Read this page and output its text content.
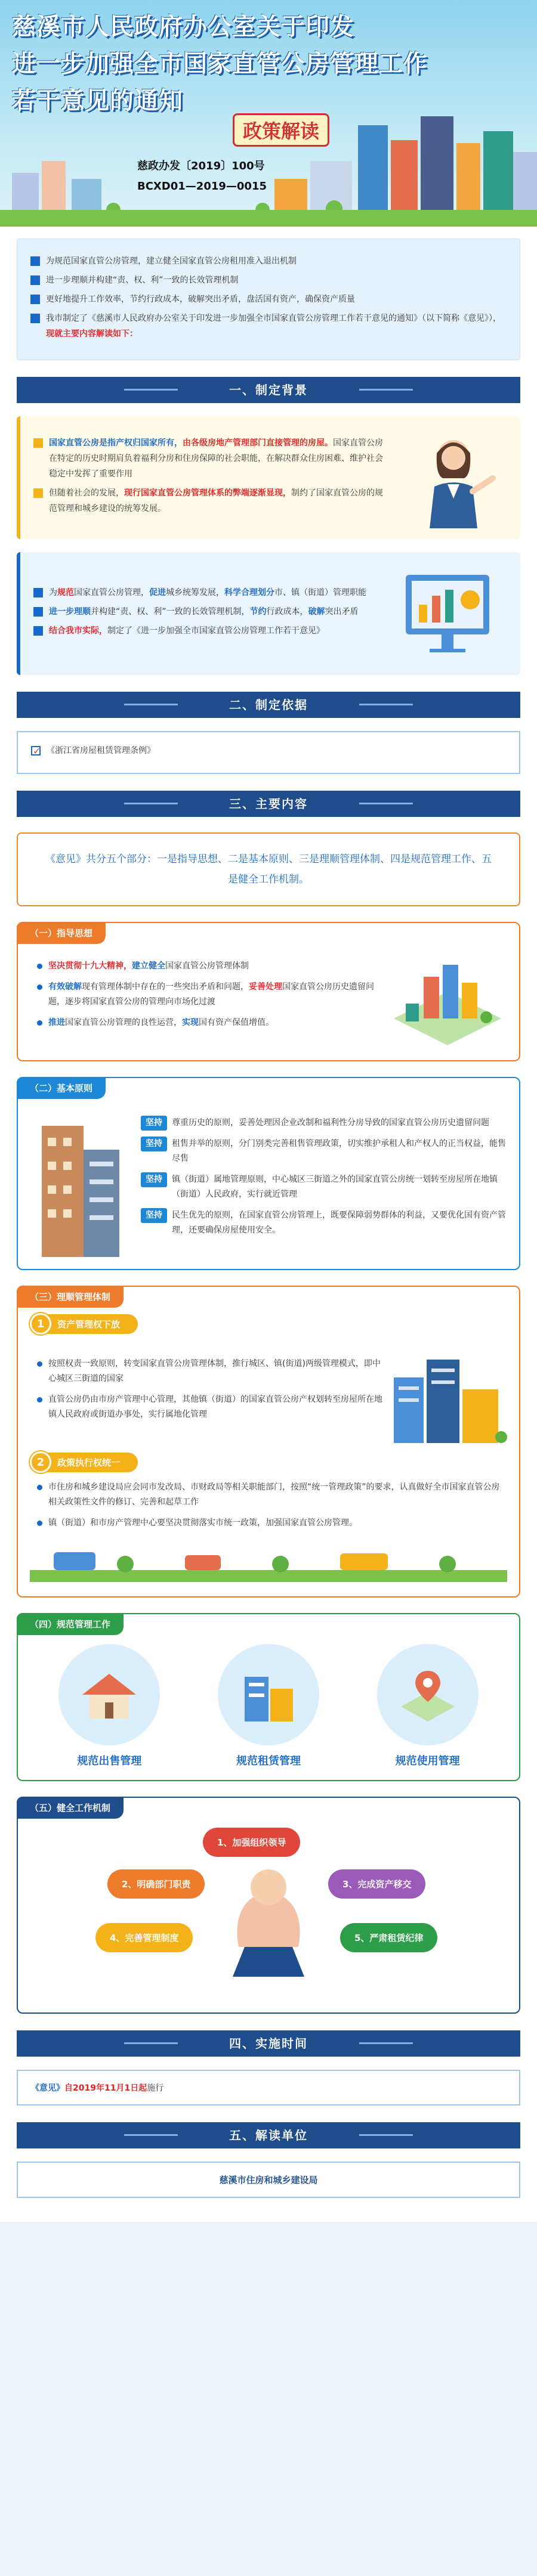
慈溪市人民政府办公室关于印发
进一步加强全市国家直管公房管理工作
若干意见的通知
政策解读
慈政办发〔2019〕100号
BCXD01—2019—0015
为规范国家直管公房管理，建立健全国家直管公房租用准入退出机制
进一步理顺并构建“责、权、利”一致的长效管理机制
更好地提升工作效率，节约行政成本，破解突出矛盾，盘活国有资产，确保资产质量
我市制定了《慈溪市人民政府办公室关于印发进一步加强全市国家直管公房管理工作若干意见的通知》（以下简称《意见》），现就主要内容解读如下：
一、制定背景
国家直管公房是指产权归国家所有，由各级房地产管理部门直接管理的房屋。国家直管公房在特定的历史时期肩负着福利分房和住房保障的社会职能，在解决群众住房困难、维护社会稳定中发挥了重要作用
但随着社会的发展，现行国家直管公房管理体系的弊端逐渐显现，制约了国家直管公房的规范管理和城乡建设的统筹发展。
为规范国家直管公房管理，促进城乡统筹发展，科学合理划分市、镇（街道）管理职能
进一步理顺并构建“责、权、利”一致的长效管理机制，节约行政成本，破解突出矛盾
结合我市实际，制定了《进一步加强全市国家直管公房管理工作若干意见》
二、制定依据
✓
《浙江省房屋租赁管理条例》
三、主要内容
《意见》共分五个部分：一是指导思想、二是基本原则、三是理顺管理体制、四是规范管理工作、五是健全工作机制。
（一）指导思想
坚决贯彻十九大精神，建立健全国家直管公房管理体制
有效破解现有管理体制中存在的一些突出矛盾和问题，妥善处理国家直管公房历史遗留问题，逐步将国家直管公房的管理向市场化过渡
推进国家直管公房管理的良性运营，实现国有资产保值增值。
（二）基本原则
坚持	尊重历史的原则，妥善处理因企业改制和福利性分房导致的国家直管公房历史遗留问题
坚持	租售并举的原则，分门别类完善租售管理政策，切实维护承租人和产权人的正当权益，能售尽售
坚持	镇（街道）属地管理原则，中心城区三街道之外的国家直管公房统一划转至房屋所在地镇（街道）人民政府，实行就近管理
坚持	民生优先的原则，在国家直管公房管理上，既要保障弱势群体的利益，又要优化国有资产管理，还要确保房屋使用安全。
（三）理顺管理体制
1	资产管理权下放
按照权责一致原则，转变国家直管公房管理体制，推行城区、镇(街道)两级管理模式，即中心城区三街道的国家
直管公房仍由市房产管理中心管理，其他镇（街道）的国家直管公房产权划转至房屋所在地镇人民政府或街道办事处，实行属地化管理
2	政策执行权统一
市住房和城乡建设局应会同市发改局、市财政局等相关职能部门，按照“统一管理政策”的要求，认真做好全市国家直管公房相关政策性文件的修订、完善和起草工作
镇（街道）和市房产管理中心要坚决贯彻落实市统一政策，加强国家直管公房管理。
（四）规范管理工作
规范出售管理	规范租赁管理	规范使用管理
（五）健全工作机制
1、加强组织领导
2、明确部门职责	3、完成资产移交
4、完善管理制度	5、严肃租赁纪律
四、实施时间
《意见》自2019年11月1日起施行
五、解读单位
慈溪市住房和城乡建设局
